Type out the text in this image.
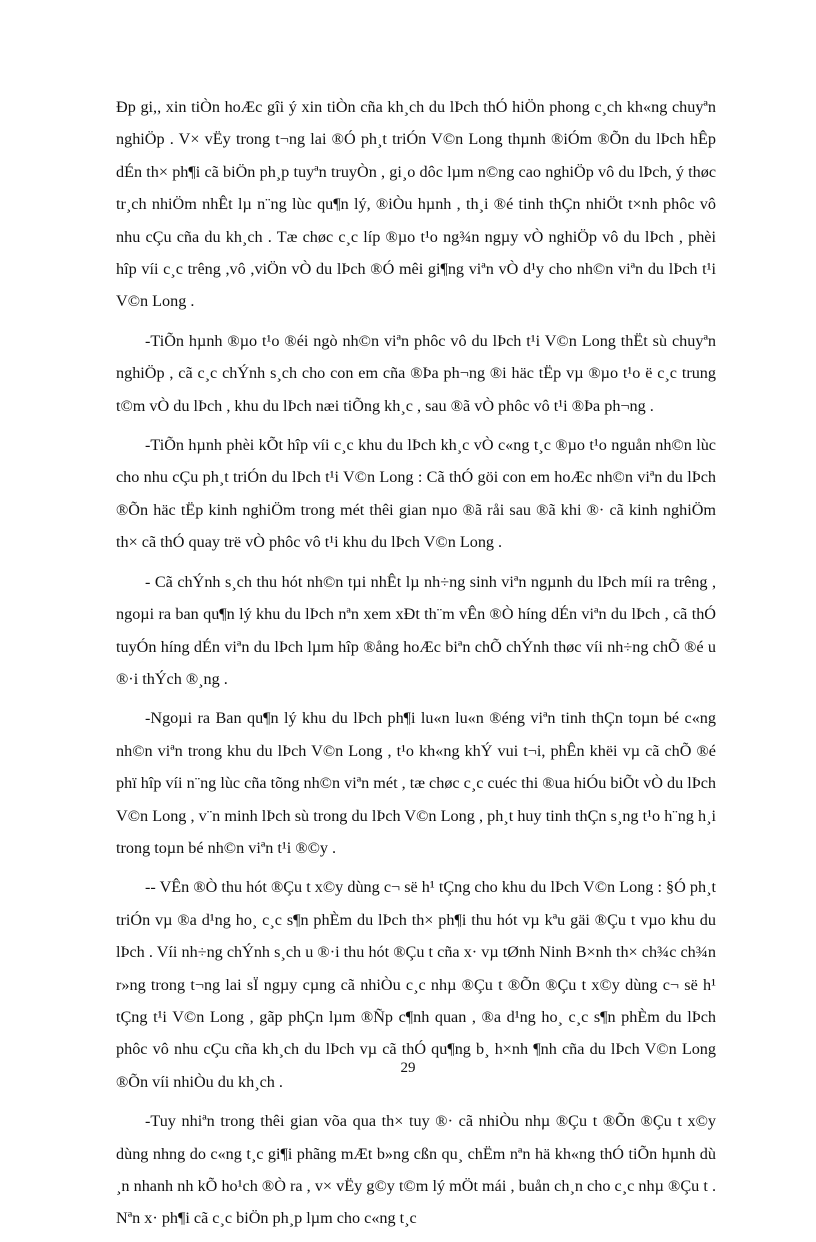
Đp gi,, xin tiÒn hoÆc gîi ý xin tiÒn cña kh¸ch du lÞch thÓ hiÖn phong c¸ch kh«ng chuyªn nghiÖp . V× vËy trong t¬ng lai ®Ó ph¸t triÓn V©n Long thµnh ®iÓm ®Õn du lÞch hÊp dÉn th× ph¶i cã biÖn ph¸p tuyªn truyÒn , gi¸o dôc lµm n©ng cao nghiÖp vô du lÞch, ý thøc tr¸ch nhiÖm nhÊt lµ n¨ng lùc qu¶n lý, ®iÒu hµnh , th¸i ®é tinh thÇn nhiÖt t×nh phôc vô nhu cÇu cña du kh¸ch . Tæ chøc c¸c líp ®µo t¹o ng¾n ngµy vÒ nghiÖp vô du lÞch , phèi hîp víi c¸c trêng ,vô ,viÖn vÒ du lÞch ®Ó mêi gi¶ng viªn vÒ d¹y cho nh©n viªn du lÞch t¹i V©n Long .

-TiÕn hµnh ®µo t¹o ®éi ngò nh©n viªn phôc vô du lÞch t¹i V©n Long thËt sù chuyªn nghiÖp , cã c¸c chÝnh s¸ch cho con em cña ®Þa ph¬ng ®i häc tËp vµ ®µo t¹o ë c¸c trung t©m vÒ du lÞch , khu du lÞch næi tiÕng kh¸c , sau ®ã vÒ phôc vô t¹i ®Þa ph¬ng .

-TiÕn hµnh phèi kÕt hîp víi c¸c khu du lÞch kh¸c vÒ c«ng t¸c ®µo t¹o nguån nh©n lùc cho nhu cÇu ph¸t triÓn du lÞch t¹i V©n Long : Cã thÓ göi con em hoÆc nh©n viªn du lÞch ®Õn häc tËp kinh nghiÖm trong mét thêi gian nµo ®ã råi sau ®ã khi ®· cã kinh nghiÖm th× cã thÓ quay trë vÒ phôc vô t¹i khu du lÞch V©n Long .

- Cã chÝnh s¸ch thu hót nh©n tµi nhÊt lµ nh÷ng sinh viªn ngµnh du lÞch míi ra trêng , ngoµi ra ban qu¶n lý khu du lÞch nªn xem xÐt th¨m vÊn ®Ò híng dÉn viªn du lÞch , cã thÓ tuyÓn híng dÉn viªn du lÞch lµm hîp ®ång hoÆc biªn chÕ chÝnh thøc víi nh÷ng chÕ ®é u ®·i thÝch ®¸ng .

-Ngoµi ra Ban qu¶n lý khu du lÞch ph¶i lu«n lu«n ®éng viªn tinh thÇn toµn bé c«ng nh©n viªn trong khu du lÞch V©n Long , t¹o kh«ng khÝ vui t¬i, phÊn khëi vµ cã chÕ ®é phï hîp víi n¨ng lùc cña tõng nh©n viªn mét , tæ chøc c¸c cuéc thi ®ua hiÓu biÕt vÒ du lÞch V©n Long , v¨n minh lÞch sù trong du lÞch V©n Long , ph¸t huy tinh thÇn s¸ng t¹o h¨ng h¸i trong toµn bé nh©n viªn t¹i ®©y .

-- VÊn ®Ò thu hót ®Çu t x©y dùng c¬ së h¹ tÇng cho khu du lÞch V©n Long : §Ó ph¸t triÓn vµ ®a d¹ng ho¸ c¸c s¶n phÈm du lÞch th× ph¶i thu hót vµ kªu gäi ®Çu t vµo khu du lÞch . Víi nh÷ng chÝnh s¸ch u ®·i thu hót ®Çu t cña x· vµ tØnh Ninh B×nh th× ch¾c ch¾n r»ng trong t¬ng lai sÏ ngµy cµng cã nhiÒu c¸c nhµ ®Çu t ®Õn ®Çu t x©y dùng c¬ së h¹ tÇng t¹i V©n Long , gãp phÇn lµm ®Ñp c¶nh quan , ®a d¹ng ho¸ c¸c s¶n phÈm du lÞch phôc vô nhu cÇu cña kh¸ch du lÞch vµ cã thÓ qu¶ng b¸ h×nh ¶nh cña du lÞch V©n Long ®Õn víi nhiÒu du kh¸ch .

-Tuy nhiªn trong thêi gian võa qua th× tuy ®· cã nhiÒu nhµ ®Çu t ®Õn ®Çu t x©y dùng nhng do c«ng t¸c gi¶i phãng mÆt b»ng cßn qu¸ chËm nªn hä kh«ng thÓ tiÕn hµnh dù ¸n nhanh nh kÕ ho¹ch ®Ò ra , v× vËy g©y t©m lý mÖt mái , buån ch¸n cho c¸c nhµ ®Çu t . Nªn x· ph¶i cã c¸c biÖn ph¸p lµm cho c«ng t¸c

29
